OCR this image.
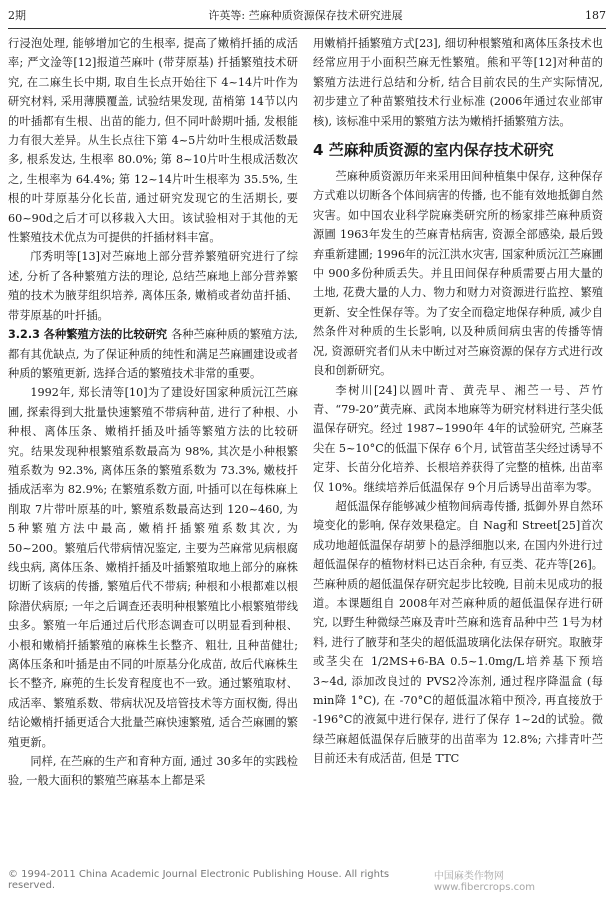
2期	许英等: 苎麻种质资源保存技术研究进展	187

行浸泡处理, 能够增加它的生根率, 提高了嫩梢扦插的成活率; 严文淦等[12]报道苎麻叶 (带芽原基) 扦插繁殖技术研究, 在二麻生长中期, 取自生长点开始往下 4~14片叶作为研究材料, 采用薄膜覆盖, 试验结果发现, 苗梢第 14节以内的叶插都有生根、出苗的能力, 但不同叶龄期叶插, 发根能力有很大差异。从生长点往下第 4~5片幼叶生根成活数最多, 根系发达, 生根率 80.0%; 第 8~10片叶生根成活数次之, 生根率为 64.4%; 第 12~14片叶生根率为 35.5%, 生根的叶芽原基分化长苗, 通过研究发现它的生活期长, 要 60~90d之后才可以移栽入大田。该试验相对于其他的无性繁殖技术优点为可提供的扦插材料丰富。

邝秀明等[13]对苎麻地上部分营养繁殖研究进行了综述, 分析了各种繁殖方法的理论, 总结苎麻地上部分营养繁殖的技术为腋芽组织培养, 离体压条, 嫩梢或者幼苗扦插、带芽原基的叶扦插。

3.2.3 各种繁殖方法的比较研究 各种苎麻种质的繁殖方法, 都有其优缺点, 为了保证种质的纯性和满足苎麻圃建设或者种质的繁殖更新, 选择合适的繁殖技术非常的重要。

1992年, 郑长清等[10]为了建设好国家种质沅江苎麻圃, 探索得到大批量快速繁殖不带病种苗, 进行了种根、小种根、离体压条、嫩梢扦插及叶插等繁殖方法的比较研究。结果发现种根繁殖系数最高为 98%, 其次是小种根繁殖系数为 92.3%, 离体压条的繁殖系数为 73.3%, 嫩枝扦插成活率为 82.9%; 在繁殖系数方面, 叶插可以在每株麻上削取 7片带叶原基的叶, 繁殖系数最高达到 120~460, 为 5种繁殖方法中最高, 嫩梢扦插繁殖系数其次, 为 50~200。繁殖后代带病情况鉴定, 主要为苎麻常见病根腐线虫病, 离体压条、嫩梢扦插及叶插繁殖取地上部分的麻株切断了该病的传播, 繁殖后代不带病; 种根和小根都难以根除潜伏病原; 一年之后调查还表明种根繁殖比小根繁殖带线虫多。繁殖一年后通过后代形态调查可以明显看到种根、小根和嫩梢扦插繁殖的麻株生长整齐、粗壮, 且种苗健壮; 离体压条和叶插是由不同的叶原基分化成苗, 故后代麻株生长不整齐, 麻蔸的生长发育程度也不一致。通过繁殖取材、成活率、繁殖系数、带病状况及培管技术等方面权衡, 得出结论嫩梢扦插更适合大批量苎麻快速繁殖, 适合苎麻圃的繁殖更新。

同样, 在苎麻的生产和育种方面, 通过 30多年的实践检验, 一般大面积的繁殖苎麻基本上都是采

用嫩梢扦插繁殖方式[23], 细切种根繁殖和离体压条技术也经常应用于小面积苎麻无性繁殖。熊和平等[12]对种苗的繁殖方法进行总结和分析, 结合目前农民的生产实际情况, 初步建立了种苗繁殖技术行业标准 (2006年通过农业部审核), 该标准中采用的繁殖方法为嫩梢扦插繁殖方法。

4 苎麻种质资源的室内保存技术研究

苎麻种质资源历年来采用田间种植集中保存, 这种保存方式难以切断各个体间病害的传播, 也不能有效地抵御自然灾害。如中国农业科学院麻类研究所的杨家排苎麻种质资源圃 1963年发生的苎麻青枯病害, 资源全部感染, 最后毁弃重新建圃; 1996年的沅江洪水灾害, 国家种质沅江苎麻圃中 900多份种质丢失。并且田间保存种质需要占用大量的土地, 花费大量的人力、物力和财力对资源进行监控、繁殖更新、安全性保存等。为了安全而稳定地保存种质, 减少自然条件对种质的生长影响, 以及种质间病虫害的传播等情况, 资源研究者们从未中断过对苎麻资源的保存方式进行改良和创新研究。

李树川[24]以圆叶青、黄壳早、湘苎一号、芦竹青、“79-20”黄壳麻、武岗本地麻等为研究材料进行茎尖低温保存研究。经过 1987~1990年 4年的试验研究, 苎麻茎尖在 5~10°C的低温下保存 6个月, 试管苗茎尖经过诱导不定芽、长苗分化培养、长根培养获得了完整的植株, 出苗率仅 10%。继续培养后低温保存 9个月后诱导出苗率为零。

超低温保存能够减少植物间病毒传播, 抵御外界自然环境变化的影响, 保存效果稳定。自 Nag和 Street[25]首次成功地超低温保存胡萝卜的悬浮细胞以来, 在国内外进行过超低温保存的植物材料已达百余种, 有豆类、花卉等[26]。苎麻种质的超低温保存研究起步比较晚, 目前未见成功的报道。本课题组自 2008年对苎麻种质的超低温保存进行研究, 以野生种微绿苎麻及青叶苎麻和选育品种中苎 1号为材料, 进行了腋芽和茎尖的超低温玻璃化法保存研究。取腋芽或茎尖在 1/2MS+6-BA 0.5~1.0mg/L培养基下预培 3~4d, 添加改良过的 PVS2冷冻剂, 通过程序降温盒 (每 min降 1°C), 在 -70°C的超低温冰箱中预冷, 再直接放于 -196°C的液氮中进行保存, 进行了保存 1~2d的试验。微绿苎麻超低温保存后腋芽的出苗率为 12.8%; 六排青叶苎目前还未有成活苗, 但是 TTC

© 1994-2011 China Academic Journal Electronic Publishing House. All rights reserved.
中国麻类作物网 www.fibercrops.com
